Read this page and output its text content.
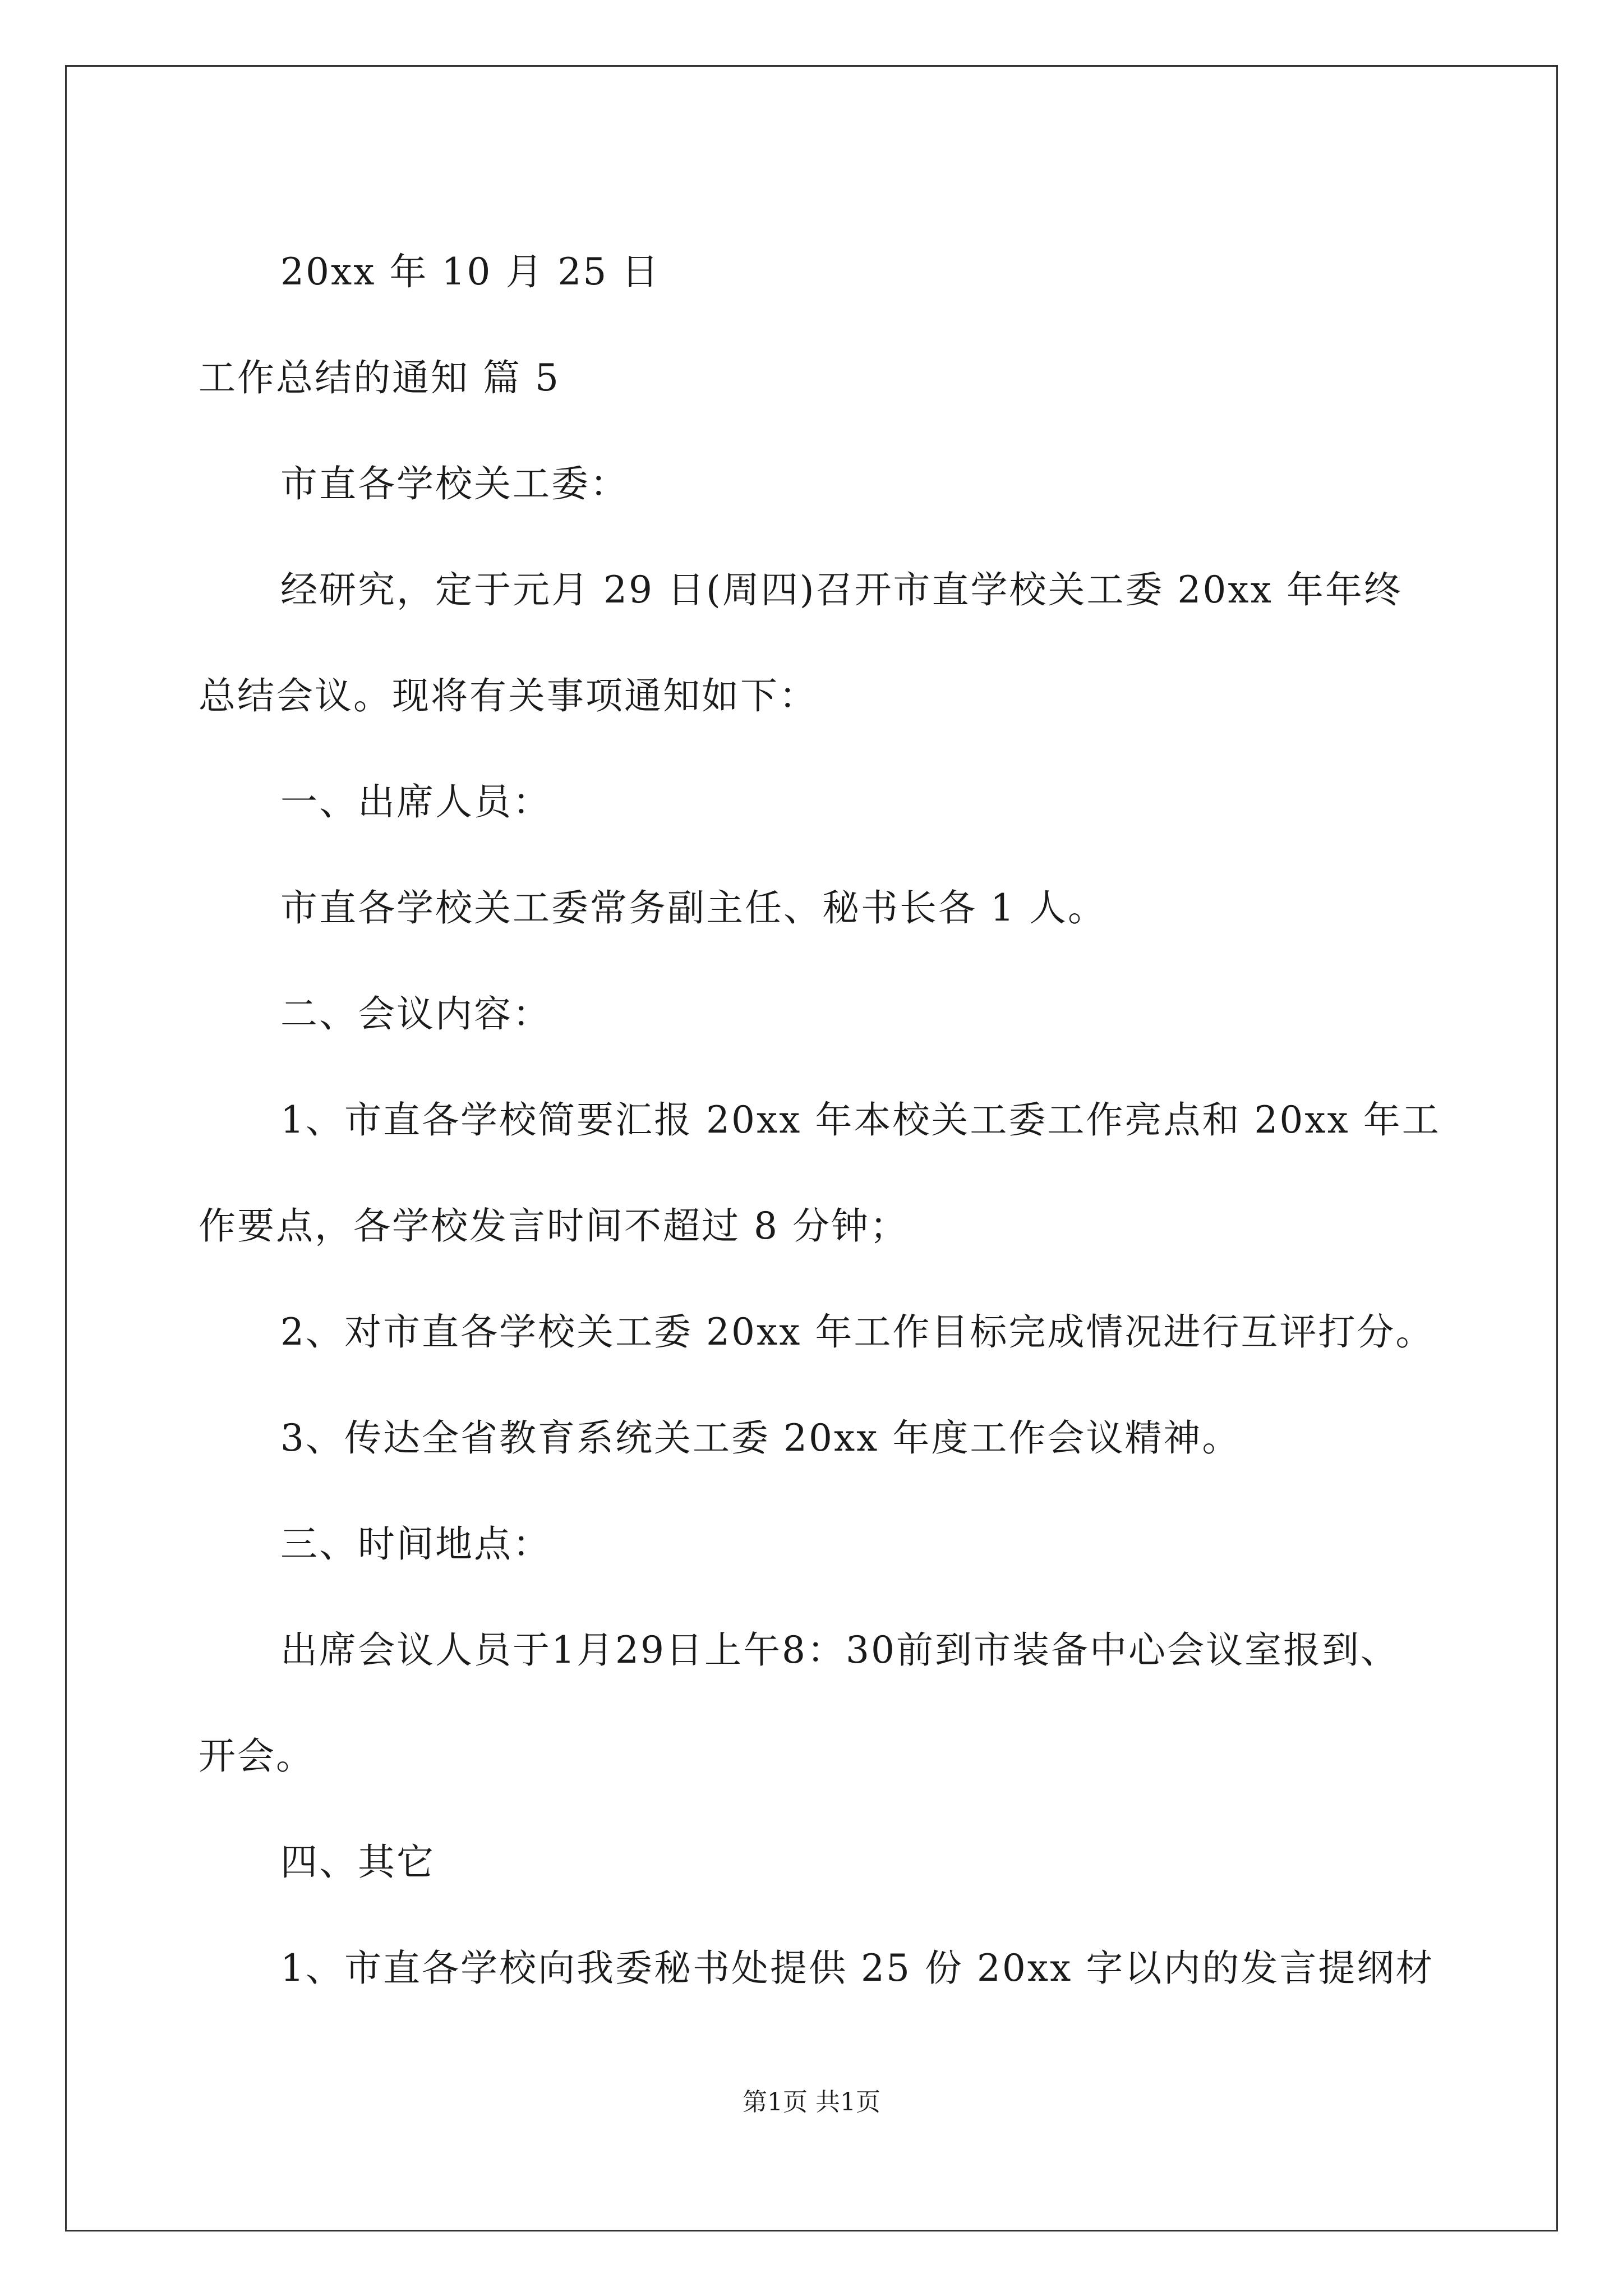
20xx 年 10 月 25 日
工作总结的通知 篇 5
市直各学校关工委：
经研究，定于元月 29 日(周四)召开市直学校关工委 20xx 年年终
总结会议。现将有关事项通知如下：
一、出席人员：
市直各学校关工委常务副主任、秘书长各 1 人。
二、会议内容：
1、市直各学校简要汇报 20xx 年本校关工委工作亮点和 20xx 年工
作要点，各学校发言时间不超过 8 分钟；
2、对市直各学校关工委 20xx 年工作目标完成情况进行互评打分。
3、传达全省教育系统关工委 20xx 年度工作会议精神。
三、时间地点：
出席会议人员于1月29日上午8：30前到市装备中心会议室报到、
开会。
四、其它
1、市直各学校向我委秘书处提供 25 份 20xx 字以内的发言提纲材
第1页 共1页
